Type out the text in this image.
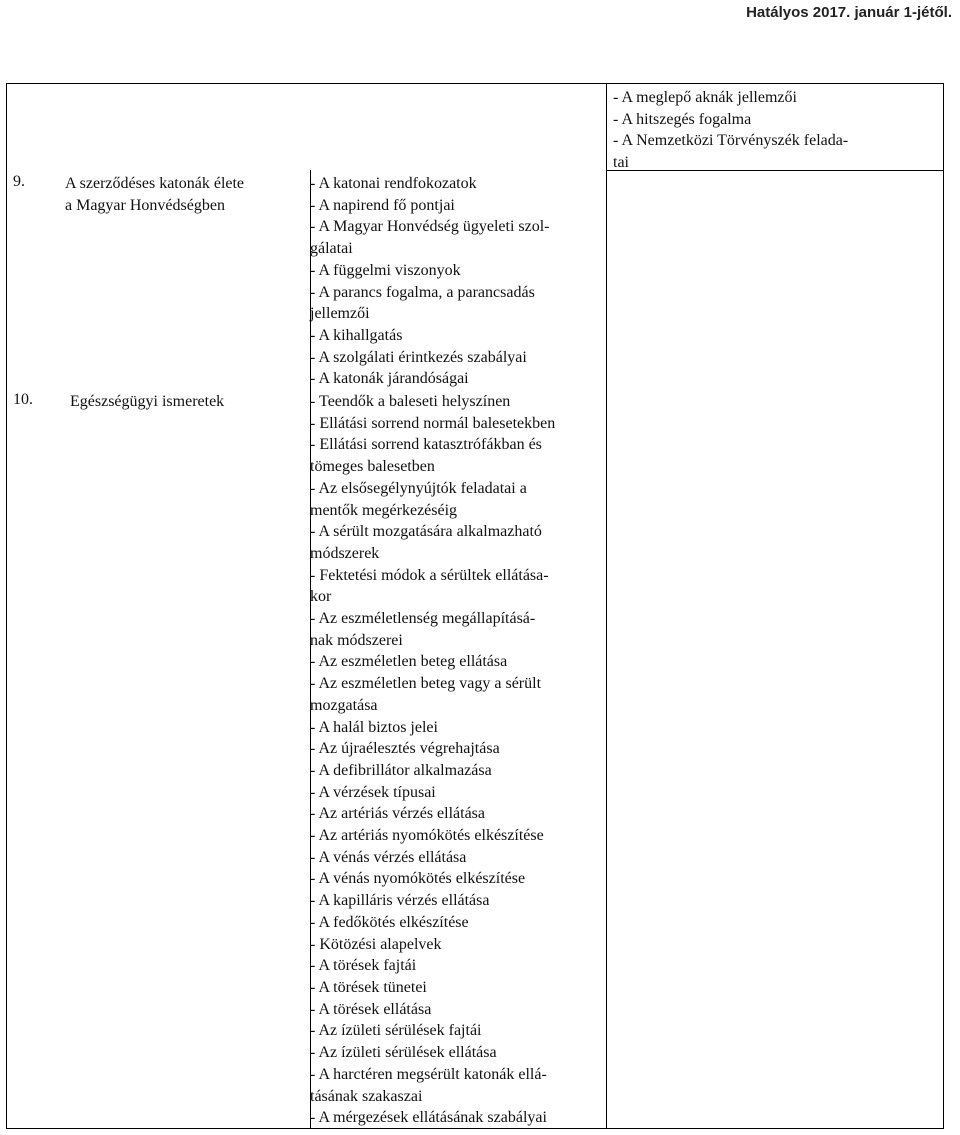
Hatályos 2017. január 1-jétől.
- A meglepő aknák jellemzői
- A hitszegés fogalma
- A Nemzetközi Törvényszék felada-
tai
9.	A szerződéses katonák élete
a Magyar Honvédségben
- A katonai rendfokozatok
- A napirend fő pontjai
- A Magyar Honvédség ügyeleti szol-
gálatai
- A függelmi viszonyok
- A parancs fogalma, a parancsadás
jellemzői
- A kihallgatás
- A szolgálati érintkezés szabályai
- A katonák járandóságai
10. Egészségügyi ismeretek	- Teendők a baleseti helyszínen
- Ellátási sorrend normál balesetekben
- Ellátási sorrend katasztrófákban és
tömeges balesetben
- Az elsősegélynyújtók feladatai a
mentők megérkezéséig
- A sérült mozgatására alkalmazható
módszerek
- Fektetési módok a sérültek ellátása-
kor
- Az eszméletlenség megállapításá-
nak módszerei
- Az eszméletlen beteg ellátása
- Az eszméletlen beteg vagy a sérült
mozgatása
- A halál biztos jelei
- Az újraélesztés végrehajtása
- A defibrillátor alkalmazása
- A vérzések típusai
- Az artériás vérzés ellátása
- Az artériás nyomókötés elkészítése
- A vénás vérzés ellátása
- A vénás nyomókötés elkészítése
- A kapilláris vérzés ellátása
- A fedőkötés elkészítése
- Kötözési alapelvek
- A törések fajtái
- A törések tünetei
- A törések ellátása
- Az ízületi sérülések fajtái
- Az ízületi sérülések ellátása
- A harctéren megsérült katonák ellá-
tásának szakaszai
- A mérgezések ellátásának szabályai
